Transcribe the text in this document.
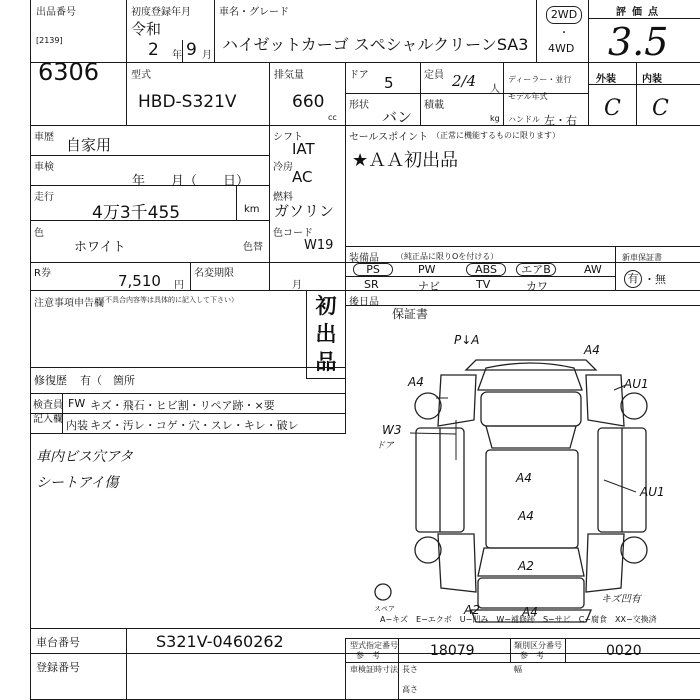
出品番号
[2139]
6306
初度登録年月
令和
2 年 9 月
車名・グレード
ハイゼットカーゴ スペシャルクリーンSA3
2WD
・
4WD
評価点
3.5
型式
HBD-S321V
排気量
660
cc
ドア 5	定員 2/4 人
ディーラー・並行
形状
バン
積載
kg
モデル年式
ハンドル 左・右
外装	内装
C C
車歴 自家用
車検
年　　月（　　日）
走行
4万3千455	km
色
ホワイト	色替
R券	7,510 円
名変期限
月
シフト
IAT
冷房
AC
燃料
ガソリン
色コード
W19
セールスポイント （正常に機能するものに限ります）
★ＡＡ初出品
装備品 （純正品に限りOを付ける）
PS	PW	ABS	エアB	AW
SR	ナビ	TV	カワ
新車保証書
有 ・無
注意事項申告欄
（不具合内容等は具体的に記入して下さい）	初
出
品
修復歴 有（　箇所
後日品
保証書
検査員
記入欄
FW キズ・飛石・ヒビ割・リペア跡・×要
内装 キズ・汚レ・コゲ・穴・スレ・キレ・破レ
車内ビス穴アタ
シートアイ傷
P↓A
A4
A4	AU1
W3
ドア
A4
AU1
A4
A2
A2	A4
キズ凹有
スペア
A−キズ　E−エクボ　U−凹み　W−補修跡　S−サビ　C−腐食　XX−交換済
車台番号	S321V-0460262
登録番号
型式指定番号
参　考	18079	類別区分番号
参　考	0020
車検証時寸法 長さ	幅
高さ
